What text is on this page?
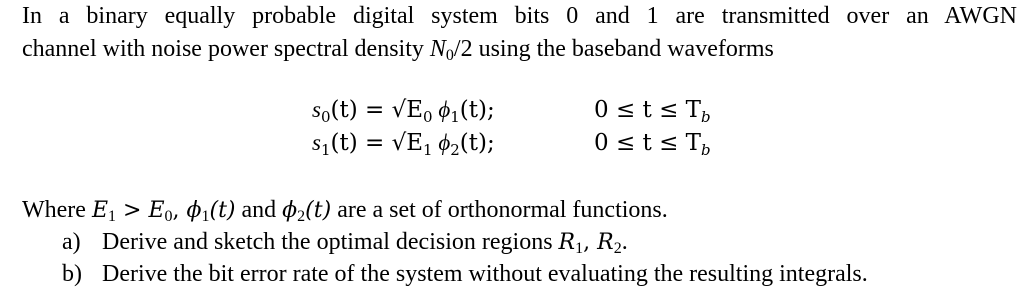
In a binary equally probable digital system bits 0 and 1 are transmitted over an AWGN
channel with noise power spectral density $N_0/2$ using the baseband waveforms
$s_0(t) = √E_0$ $\phi_1(t)$;	$0 \le t \le T_b$
$s_1(t) = √E_1$ $\phi_2(t)$;	$0 \le t \le T_b$
Where $E_1 > E_0$, $\phi_1(t)$ and $\phi_2(t)$ are a set of orthonormal functions.
a) Derive and sketch the optimal decision regions $R_1$, $R_2$.
b) Derive the bit error rate of the system without evaluating the resulting integrals.
